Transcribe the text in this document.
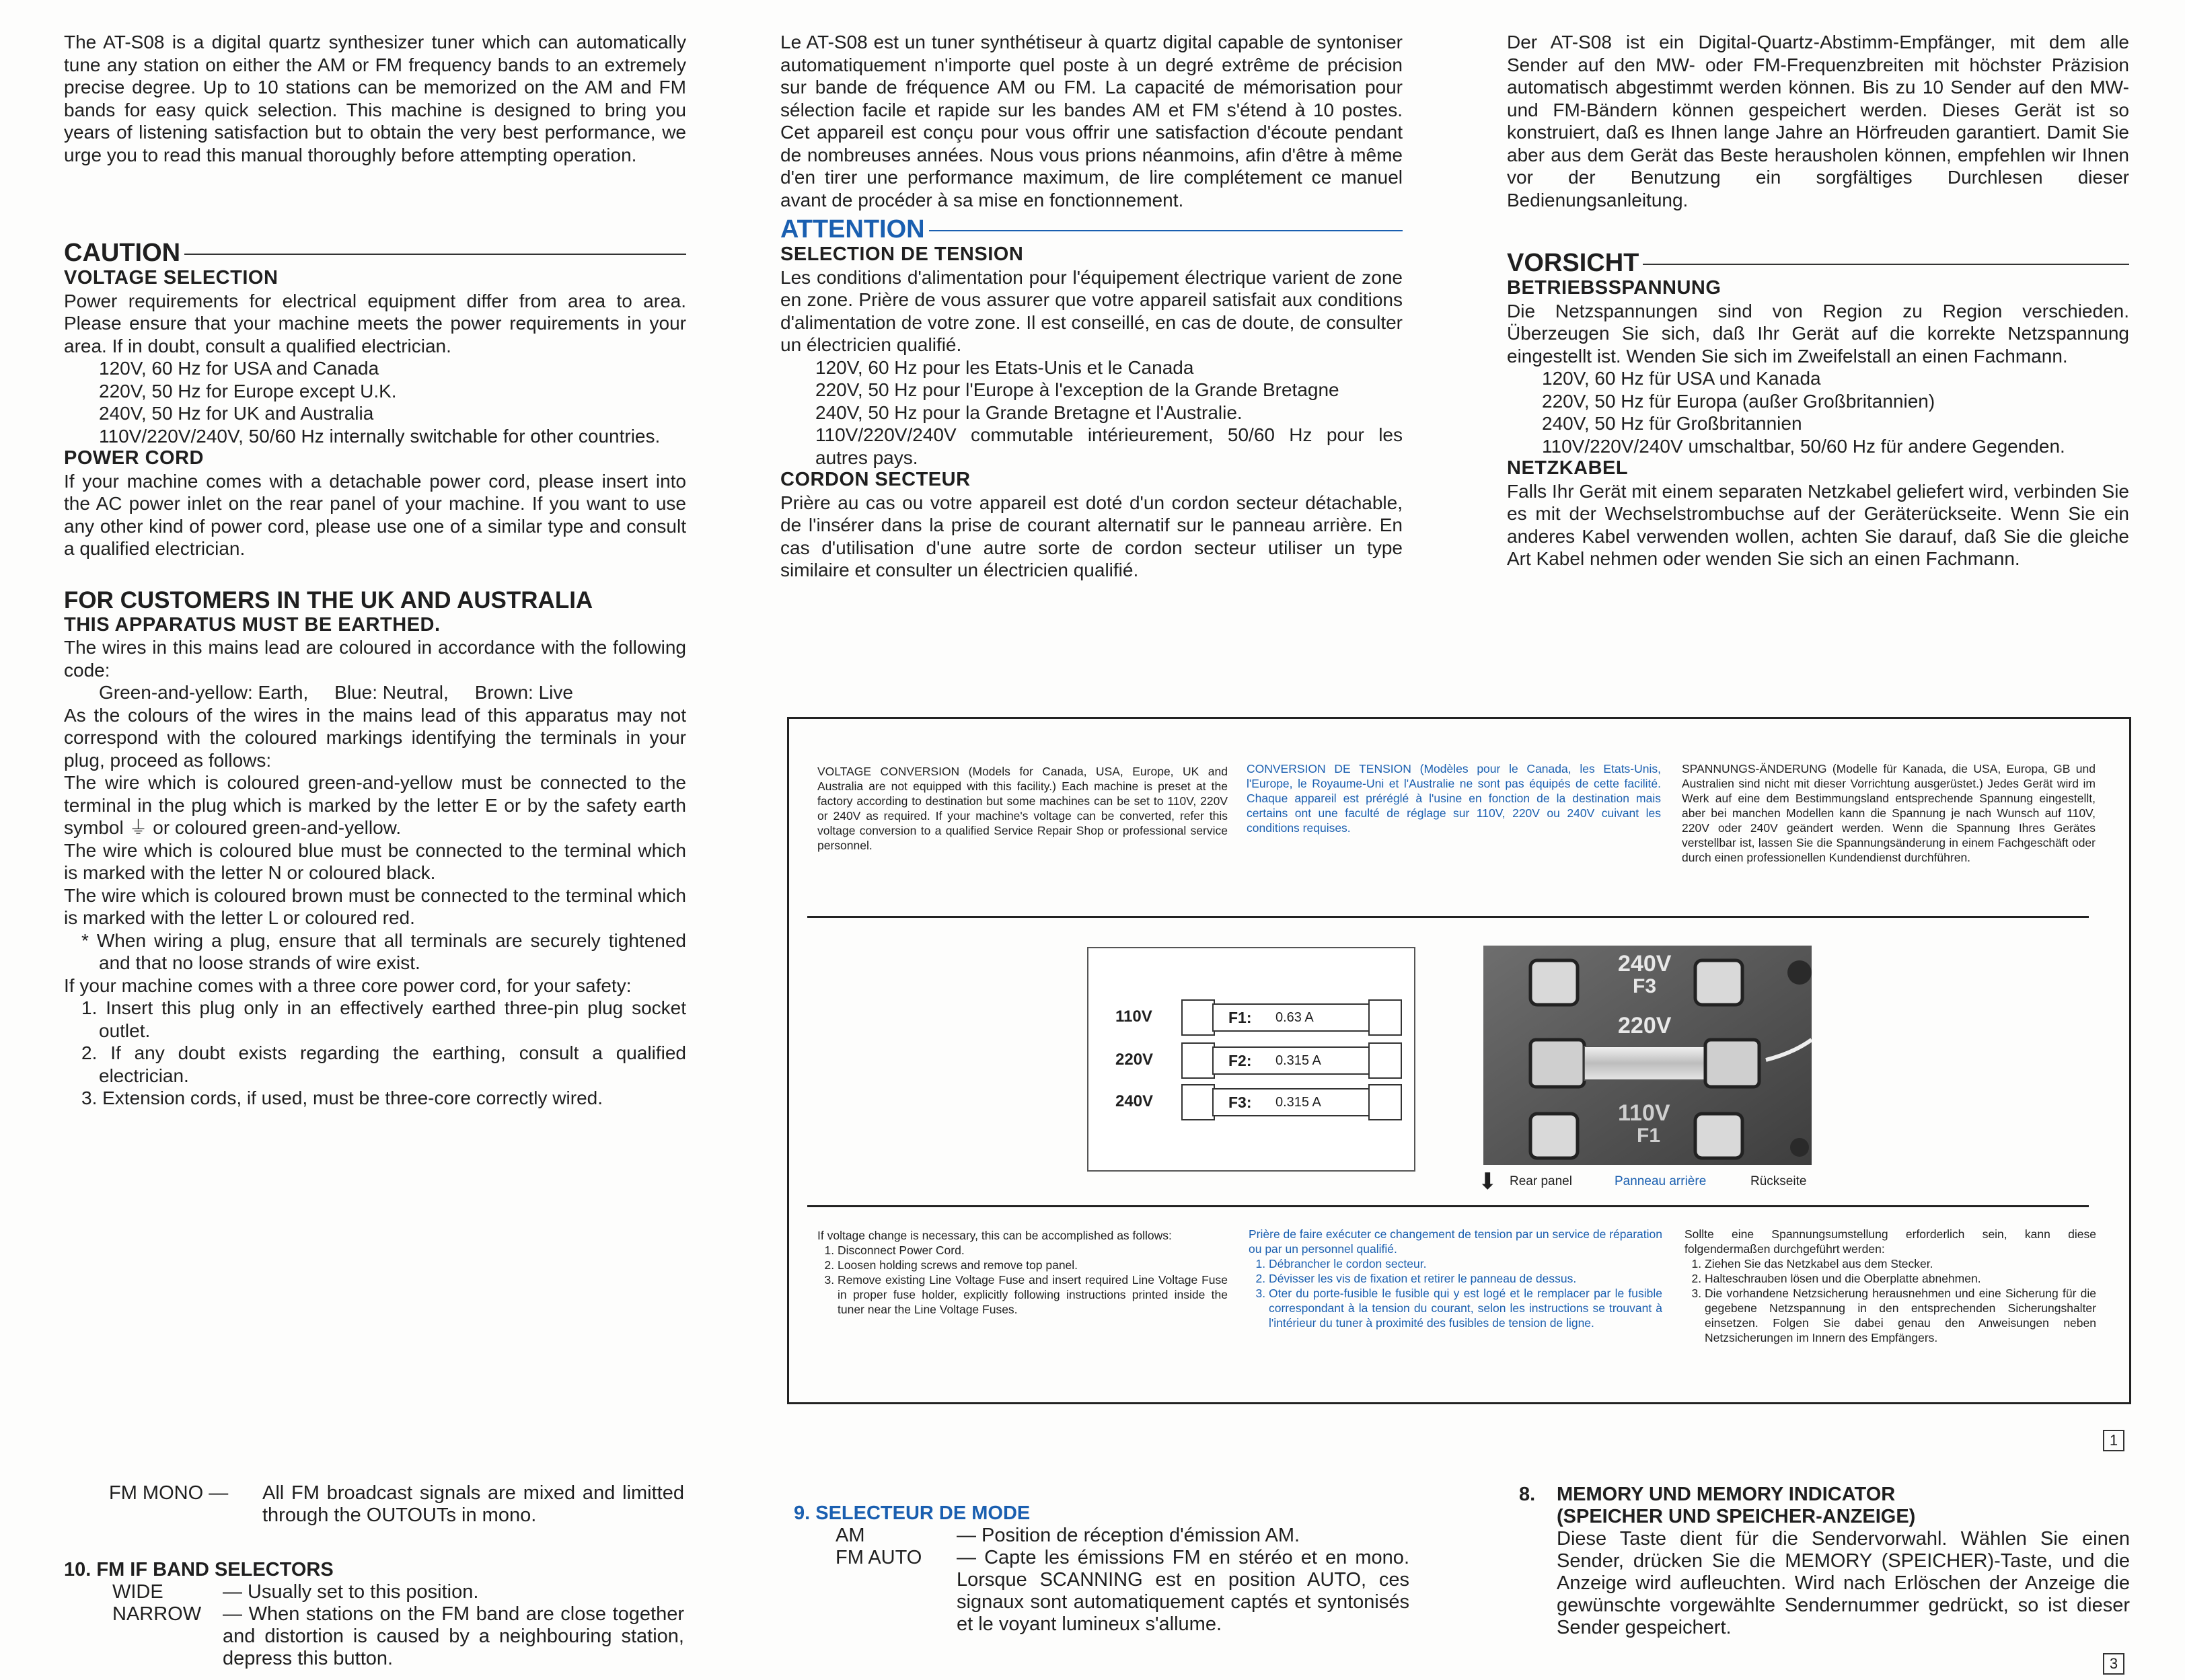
The AT-S08 is a digital quartz synthesizer tuner which can automatically tune any station on either the AM or FM frequency bands to an extremely precise degree. Up to 10 stations can be memorized on the AM and FM bands for easy quick selection. This machine is designed to bring you years of listening satisfaction but to obtain the very best performance, we urge you to read this manual thoroughly before attempting operation.

CAUTION
VOLTAGE SELECTION

Power requirements for electrical equipment differ from area to area. Please ensure that your machine meets the power requirements in your area. If in doubt, consult a qualified electrician.

120V, 60 Hz for USA and Canada

220V, 50 Hz for Europe except U.K.

240V, 50 Hz for UK and Australia

110V/220V/240V, 50/60 Hz internally switchable for other countries.

POWER CORD

If your machine comes with a detachable power cord, please insert into the AC power inlet on the rear panel of your machine. If you want to use any other kind of power cord, please use one of a similar type and consult a qualified electrician.

FOR CUSTOMERS IN THE UK AND AUSTRALIA
THIS APPARATUS MUST BE EARTHED.

The wires in this mains lead are coloured in accordance with the following code:

Green-and-yellow: Earth,     Blue: Neutral,     Brown: Live

As the colours of the wires in the mains lead of this apparatus may not correspond with the coloured markings identifying the terminals in your plug, proceed as follows:

The wire which is coloured green-and-yellow must be connected to the terminal in the plug which is marked by the letter E or by the safety earth symbol ⏚ or coloured green-and-yellow.

The wire which is coloured blue must be connected to the terminal which is marked with the letter N or coloured black.

The wire which is coloured brown must be connected to the terminal which is marked with the letter L or coloured red.

* When wiring a plug, ensure that all terminals are securely tightened and that no loose strands of wire exist.

If your machine comes with a three core power cord, for your safety:

1. Insert this plug only in an effectively earthed three-pin plug socket outlet.

2. If any doubt exists regarding the earthing, consult a qualified electrician.

3. Extension cords, if used, must be three-core correctly wired.

Le AT-S08 est un tuner synthétiseur à quartz digital capable de syntoniser automatiquement n'importe quel poste à un degré extrême de précision sur bande de fréquence AM ou FM. La capacité de mémorisation pour sélection facile et rapide sur les bandes AM et FM s'étend à 10 postes. Cet appareil est conçu pour vous offrir une satisfaction d'écoute pendant de nombreuses années. Nous vous prions néanmoins, afin d'être à même d'en tirer une performance maximum, de lire complétement ce manuel avant de procéder à sa mise en fonctionnement.

ATTENTION
SELECTION DE TENSION

Les conditions d'alimentation pour l'équipement électrique varient de zone en zone. Prière de vous assurer que votre appareil satisfait aux conditions d'alimentation de votre zone. Il est conseillé, en cas de doute, de consulter un électricien qualifié.

120V, 60 Hz pour les Etats-Unis et le Canada

220V, 50 Hz pour l'Europe à l'exception de la Grande Bretagne

240V, 50 Hz pour la Grande Bretagne et l'Australie.

110V/220V/240V commutable intérieurement, 50/60 Hz pour les autres pays.

CORDON SECTEUR

Prière au cas ou votre appareil est doté d'un cordon secteur détachable, de l'insérer dans la prise de courant alternatif sur le panneau arrière. En cas d'utilisation d'une autre sorte de cordon secteur utiliser un type similaire et consulter un électricien qualifié.

Der AT-S08 ist ein Digital-Quartz-Abstimm-Empfänger, mit dem alle Sender auf den MW- oder FM-Frequenzbreiten mit höchster Präzision automatisch abgestimmt werden können. Bis zu 10 Sender auf den MW- und FM-Bändern können gespeichert werden. Dieses Gerät ist so konstruiert, daß es Ihnen lange Jahre an Hörfreuden garantiert. Damit Sie aber aus dem Gerät das Beste herausholen können, empfehlen wir Ihnen vor der Benutzung ein sorgfältiges Durchlesen dieser Bedienungsanleitung.

VORSICHT
BETRIEBSSPANNUNG

Die Netzspannungen sind von Region zu Region verschieden. Überzeugen Sie sich, daß Ihr Gerät auf die korrekte Netzspannung eingestellt ist. Wenden Sie sich im Zweifelstall an einen Fachmann.

120V, 60 Hz für USA und Kanada

220V, 50 Hz für Europa (außer Großbritannien)

240V, 50 Hz für Großbritannien

110V/220V/240V umschaltbar, 50/60 Hz für andere Gegenden.

NETZKABEL

Falls Ihr Gerät mit einem separaten Netzkabel geliefert wird, verbinden Sie es mit der Wechselstrombuchse auf der Geräterückseite. Wenn Sie ein anderes Kabel verwenden wollen, achten Sie darauf, daß Sie die gleiche Art Kabel nehmen oder wenden Sie sich an einen Fachmann.

VOLTAGE CONVERSION (Models for Canada, USA, Europe, UK and Australia are not equipped with this facility.) Each machine is preset at the factory according to destination but some machines can be set to 110V, 220V or 240V as required. If your machine's voltage can be converted, refer this voltage conversion to a qualified Service Repair Shop or professional service personnel.

CONVERSION DE TENSION (Modèles pour le Canada, les Etats-Unis, l'Europe, le Royaume-Uni et l'Australie ne sont pas équipés de cette facilité. Chaque appareil est préréglé à l'usine en fonction de la destination mais certains ont une faculté de réglage sur 110V, 220V ou 240V cuivant les conditions requises.

SPANNUNGS-ÄNDERUNG (Modelle für Kanada, die USA, Europa, GB und Australien sind nicht mit dieser Vorrichtung ausgerüstet.) Jedes Gerät wird im Werk auf eine dem Bestimmungsland entsprechende Spannung eingestellt, aber bei manchen Modellen kann die Spannung je nach Wunsch auf 110V, 220V oder 240V geändert werden. Wenn die Spannung Ihres Gerätes verstellbar ist, lassen Sie die Spannungsänderung in einem Fachgeschäft oder durch einen professionellen Kundendienst durchführen.

110V	F1: 0.63 A
220V	F2: 0.315 A
240V	F3: 0.315 A
240V
F3
220V
110V
F1
⬇ Rear panel	Panneau arrière	Rückseite

If voltage change is necessary, this can be accomplished as follows:

1. Disconnect Power Cord.
2. Loosen holding screws and remove top panel.
3. Remove existing Line Voltage Fuse and insert required Line Voltage Fuse in proper fuse holder, explicitly following instructions printed inside the tuner near the Line Voltage Fuses.

Prière de faire exécuter ce changement de tension par un service de réparation ou par un personnel qualifié.

1. Débrancher le cordon secteur.
2. Dévisser les vis de fixation et retirer le panneau de dessus.
3. Oter du porte-fusible le fusible qui y est logé et le remplacer par le fusible correspondant à la tension du courant, selon les instructions se trouvant à l'intérieur du tuner à proximité des fusibles de tension de ligne.

Sollte eine Spannungsumstellung erforderlich sein, kann diese folgendermaßen durchgeführt werden:

1. Ziehen Sie das Netzkabel aus dem Stecker.
2. Halteschrauben lösen und die Oberplatte abnehmen.
3. Die vorhandene Netzsicherung herausnehmen und eine Sicherung für die gegebene Netzspannung in den entsprechenden Sicherungshalter einsetzen. Folgen Sie dabei genau den Anweisungen neben Netzsicherungen im Innern des Empfängers.
1
FM MONO —	All FM broadcast signals are mixed and limitted through the OUTOUTs in mono.
10. FM IF BAND SELECTORS
WIDE	— Usually set to this position.
NARROW	— When stations on the FM band are close together and distortion is caused by a neighbouring station, depress this button.
9. SELECTEUR DE MODE
AM	— Position de réception d'émission AM.
FM AUTO	— Capte les émissions FM en stéréo et en mono. Lorsque SCANNING est en position AUTO, ces signaux sont automatiquement captés et syntonisés et le voyant lumineux s'allume.
8.	MEMORY UND MEMORY INDICATOR
(SPEICHER UND SPEICHER-ANZEIGE)
Diese Taste dient für die Sendervorwahl. Wählen Sie einen Sender, drücken Sie die MEMORY (SPEICHER)-Taste, und die Anzeige wird aufleuchten. Wird nach Erlöschen der Anzeige die gewünschte vorgewählte Sendernummer gedrückt, so ist dieser Sender gespeichert.
3
